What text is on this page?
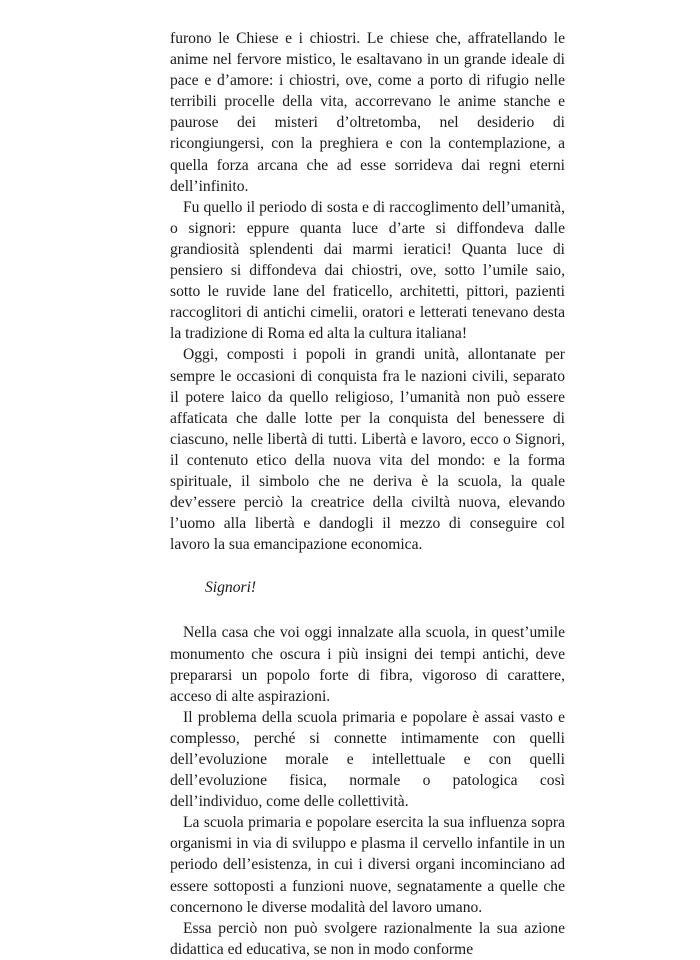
furono le Chiese e i chiostri. Le chiese che, affratellando le anime nel fervore mistico, le esaltavano in un grande ideale di pace e d’amore: i chiostri, ove, come a porto di rifugio nelle terribili procelle della vita, accorrevano le anime stanche e paurose dei misteri d’oltretomba, nel desiderio di ricongiungersi, con la preghiera e con la contemplazione, a quella forza arcana che ad esse sorrideva dai regni eterni dell’infinito.

Fu quello il periodo di sosta e di raccoglimento dell’umanità, o signori: eppure quanta luce d’arte si diffondeva dalle grandiosità splendenti dai marmi ieratici! Quanta luce di pensiero si diffondeva dai chiostri, ove, sotto l’umile saio, sotto le ruvide lane del fraticello, architetti, pittori, pazienti raccoglitori di antichi cimelii, oratori e letterati tenevano desta la tradizione di Roma ed alta la cultura italiana!

Oggi, composti i popoli in grandi unità, allontanate per sempre le occasioni di conquista fra le nazioni civili, separato il potere laico da quello religioso, l’umanità non può essere affaticata che dalle lotte per la conquista del benessere di ciascuno, nelle libertà di tutti. Libertà e lavoro, ecco o Signori, il contenuto etico della nuova vita del mondo: e la forma spirituale, il simbolo che ne deriva è la scuola, la quale dev’essere perciò la creatrice della civiltà nuova, elevando l’uomo alla libertà e dandogli il mezzo di conseguire col lavoro la sua emancipazione economica.

Signori!

Nella casa che voi oggi innalzate alla scuola, in quest’umile monumento che oscura i più insigni dei tempi antichi, deve prepararsi un popolo forte di fibra, vigoroso di carattere, acceso di alte aspirazioni.

Il problema della scuola primaria e popolare è assai vasto e complesso, perché si connette intimamente con quelli dell’evoluzione morale e intellettuale e con quelli dell’evoluzione fisica, normale o patologica così dell’individuo, come delle collettività.

La scuola primaria e popolare esercita la sua influenza sopra organismi in via di sviluppo e plasma il cervello infantile in un periodo dell’esistenza, in cui i diversi organi incominciano ad essere sottoposti a funzioni nuove, segnatamente a quelle che concernono le diverse modalità del lavoro umano.

Essa perciò non può svolgere razionalmente la sua azione didattica ed educativa, se non in modo conforme
